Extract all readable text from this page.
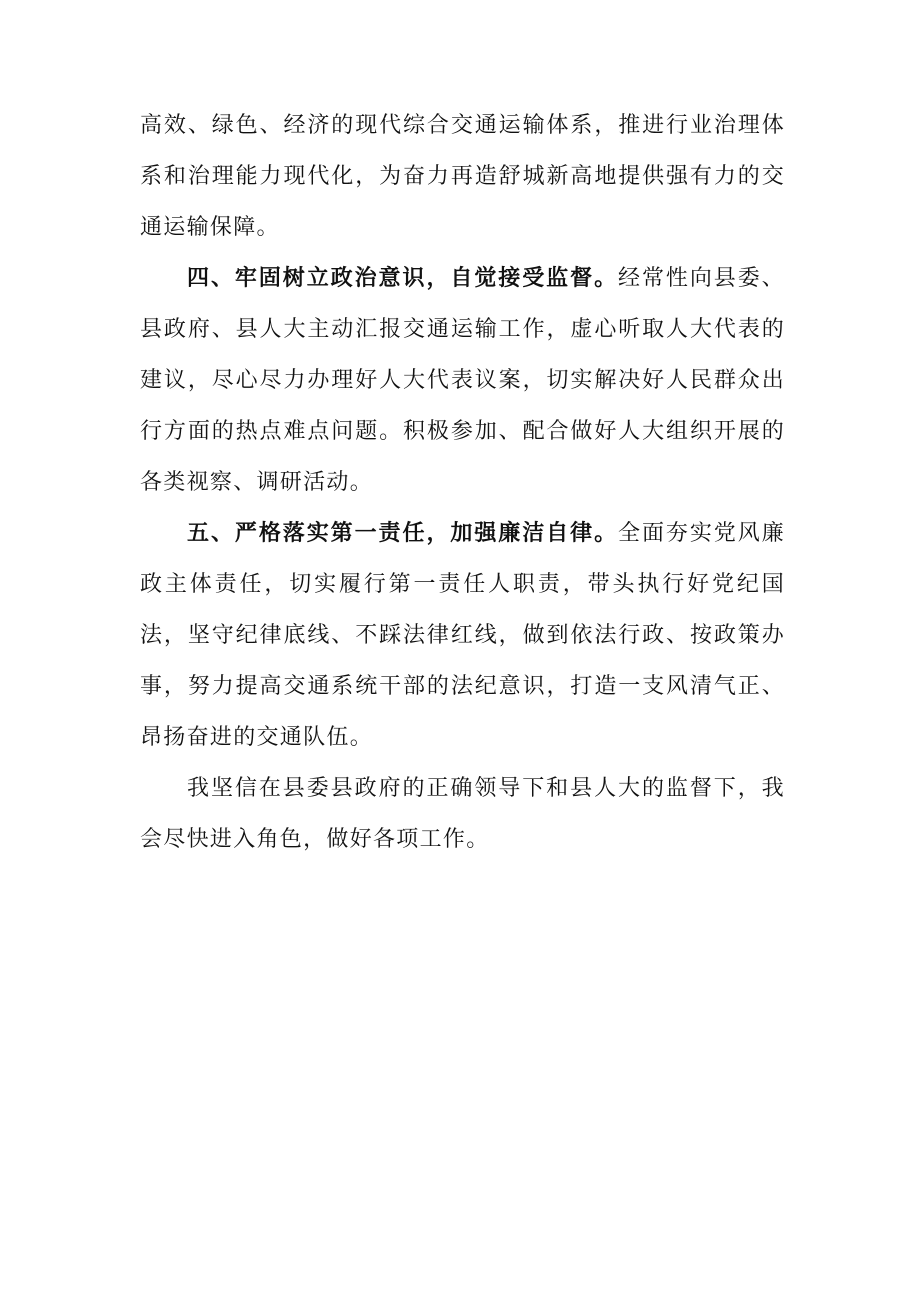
高效、绿色、经济的现代综合交通运输体系，推进行业治理体系和治理能力现代化，为奋力再造舒城新高地提供强有力的交通运输保障。

四、牢固树立政治意识，自觉接受监督。经常性向县委、县政府、县人大主动汇报交通运输工作，虚心听取人大代表的建议，尽心尽力办理好人大代表议案，切实解决好人民群众出行方面的热点难点问题。积极参加、配合做好人大组织开展的各类视察、调研活动。

五、严格落实第一责任，加强廉洁自律。全面夯实党风廉政主体责任，切实履行第一责任人职责，带头执行好党纪国法，坚守纪律底线、不踩法律红线，做到依法行政、按政策办事，努力提高交通系统干部的法纪意识，打造一支风清气正、昂扬奋进的交通队伍。

我坚信在县委县政府的正确领导下和县人大的监督下，我会尽快进入角色，做好各项工作。
